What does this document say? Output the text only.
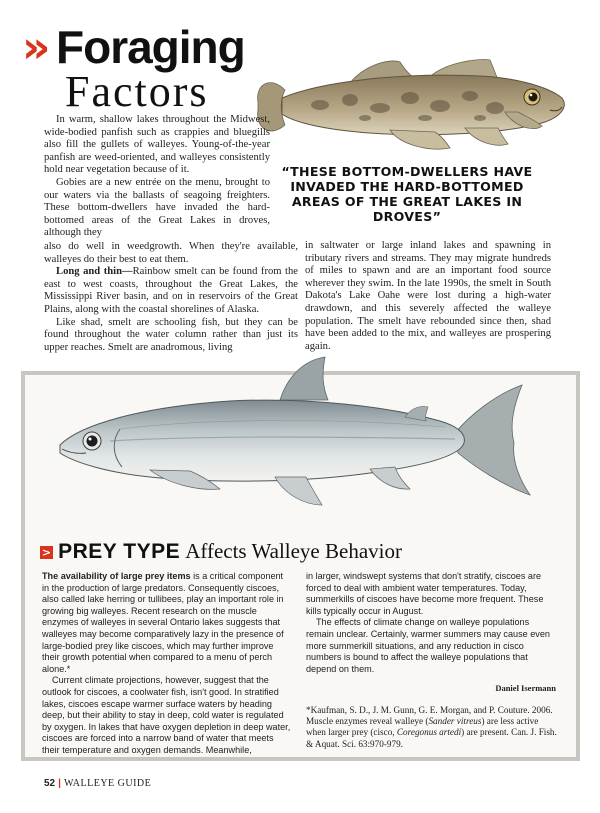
» Foraging
Factors
“THESE BOTTOM-DWELLERS HAVE INVADED THE HARD-BOTTOMED AREAS OF THE GREAT LAKES IN DROVES”

In warm, shallow lakes throughout the Midwest, wide-bodied panfish such as crappies and bluegills also fill the gullets of walleyes. Young-of-the-year panfish are weed-oriented, and walleyes consistently hold near vegetation because of it.

Gobies are a new entrée on the menu, brought to our waters via the ballasts of seagoing freighters. These bottom-dwellers have invaded the hard-bottomed areas of the Great Lakes in droves, although they

also do well in weedgrowth. When they're available, walleyes do their best to eat them.

Long and thin—Rainbow smelt can be found from the east to west coasts, throughout the Great Lakes, the Mississippi River basin, and on in reservoirs of the Great Plains, along with the coastal shorelines of Alaska.

Like shad, smelt are schooling fish, but they can be found throughout the water column rather than just its upper reaches. Smelt are anadromous, living

in saltwater or large inland lakes and spawning in tributary rivers and streams. They may migrate hundreds of miles to spawn and are an important food source wherever they swim. In the late 1990s, the smelt in South Dakota's Lake Oahe were lost during a high-water drawdown, and this severely affected the walleye population. The smelt have rebounded since then, shad have been added to the mix, and walleyes are prospering again.

> PREY TYPE Affects Walleye Behavior

The availability of large prey items is a critical component in the production of large predators. Consequently ciscoes, also called lake herring or tullibees, play an important role in growing big walleyes. Recent research on the muscle enzymes of walleyes in several Ontario lakes suggests that walleyes may become comparatively lazy in the presence of large-bodied prey like ciscoes, which may further improve their growth potential when compared to a menu of perch alone.*

Current climate projections, however, suggest that the outlook for ciscoes, a coolwater fish, isn't good. In stratified lakes, ciscoes escape warmer surface waters by heading deep, but their ability to stay in deep, cold water is regulated by oxygen. In lakes that have oxygen depletion in deep water, ciscoes are forced into a narrow band of water that meets their temperature and oxygen demands. Meanwhile,

in larger, windswept systems that don't stratify, ciscoes are forced to deal with ambient water temperatures. Today, summerkills of ciscoes have become more frequent. These kills typically occur in August.

The effects of climate change on walleye populations remain unclear. Certainly, warmer summers may cause even more summerkill situations, and any reduction in cisco numbers is bound to affect the walleye populations that depend on them.

Daniel Isermann

*Kaufman, S. D., J. M. Gunn, G. E. Morgan, and P. Couture. 2006. Muscle enzymes reveal walleye (Sander vitreus) are less active when larger prey (cisco, Coregonus artedi) are present. Can. J. Fish. & Aquat. Sci. 63:970-979.

52 | WALLEYE GUIDE
